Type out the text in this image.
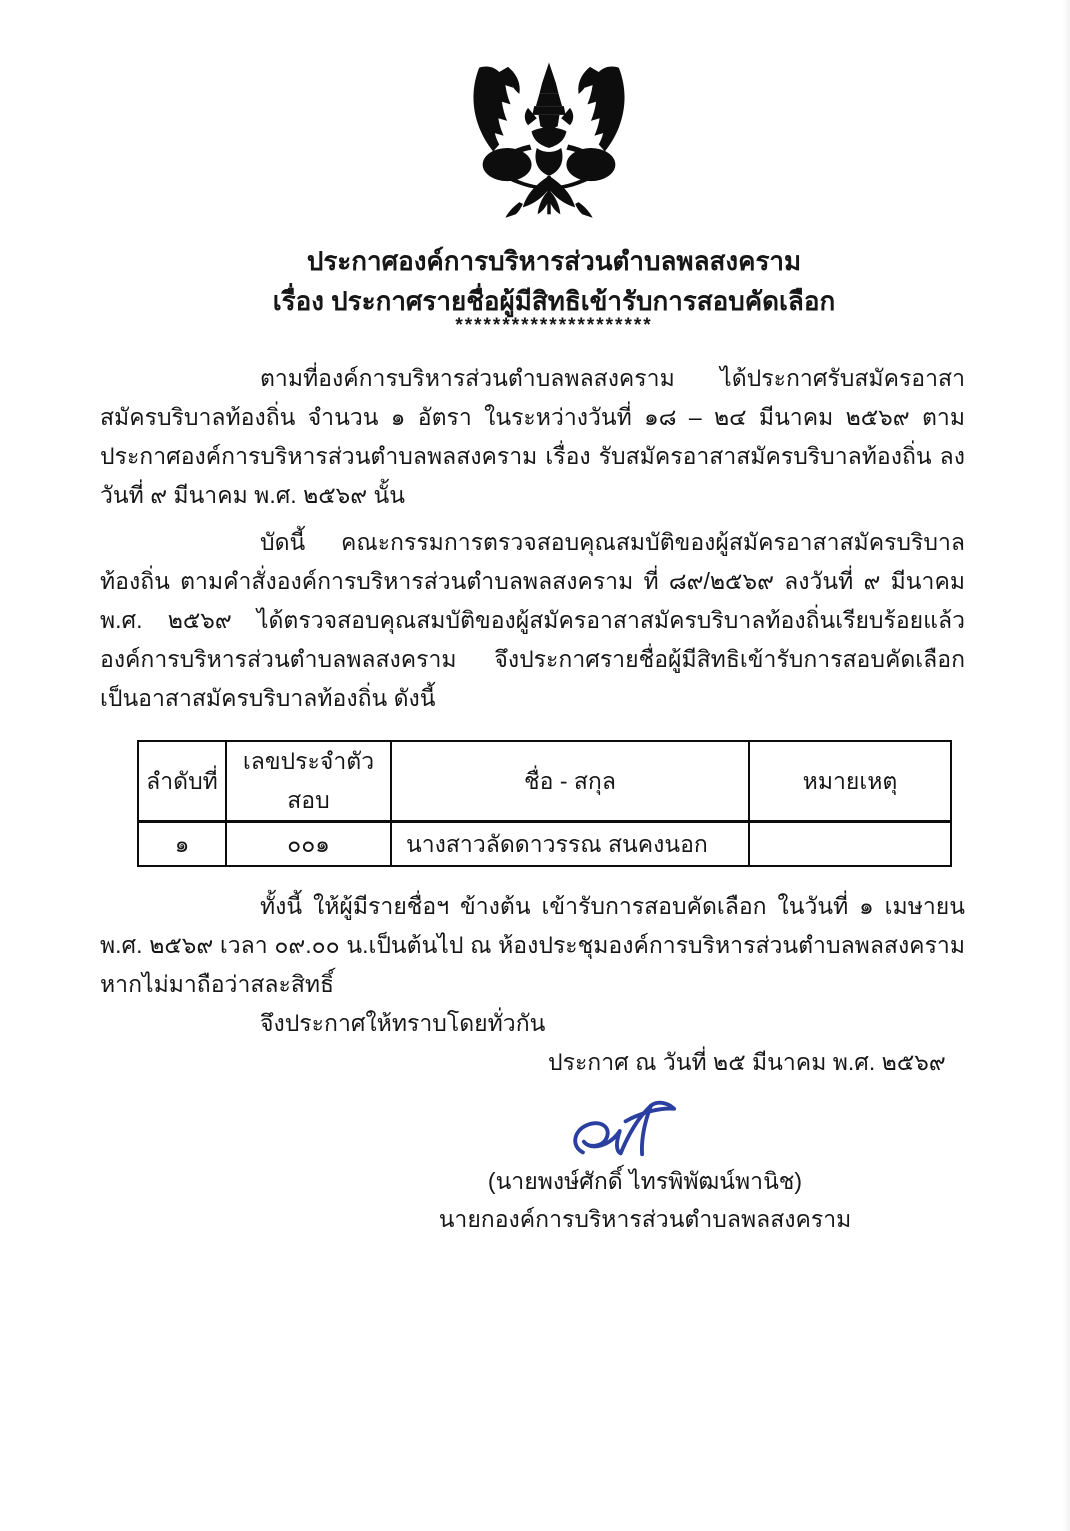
ประกาศองค์การบริหารส่วนตำบลพลสงคราม
เรื่อง ประกาศรายชื่อผู้มีสิทธิเข้ารับการสอบคัดเลือก
*********************

ตามที่องค์การบริหารส่วนตำบลพลสงคราม ได้ประกาศรับสมัครอาสาสมัครบริบาลท้องถิ่น จำนวน ๑ อัตรา ในระหว่างวันที่ ๑๘ – ๒๔ มีนาคม ๒๕๖๙ ตามประกาศองค์การบริหารส่วนตำบลพลสงคราม เรื่อง รับสมัครอาสาสมัครบริบาลท้องถิ่น ลงวันที่ ๙ มีนาคม พ.ศ. ๒๕๖๙ นั้น

บัดนี้ คณะกรรมการตรวจสอบคุณสมบัติของผู้สมัครอาสาสมัครบริบาลท้องถิ่น ตามคำสั่งองค์การบริหารส่วนตำบลพลสงคราม ที่ ๘๙/๒๕๖๙ ลงวันที่ ๙ มีนาคม พ.ศ. ๒๕๖๙ ได้ตรวจสอบคุณสมบัติของผู้สมัครอาสาสมัครบริบาลท้องถิ่นเรียบร้อยแล้ว องค์การบริหารส่วนตำบลพลสงคราม จึงประกาศรายชื่อผู้มีสิทธิเข้ารับการสอบคัดเลือกเป็นอาสาสมัครบริบาลท้องถิ่น ดังนี้

ลำดับที่	เลขประจำตัวสอบ	ชื่อ - สกุล	หมายเหตุ
๑	๐๐๑	นางสาวลัดดาวรรณ สนคงนอก	

ทั้งนี้ ให้ผู้มีรายชื่อฯ ข้างต้น เข้ารับการสอบคัดเลือก ในวันที่ ๑ เมษายน พ.ศ. ๒๕๖๙ เวลา ๐๙.๐๐ น.เป็นต้นไป ณ ห้องประชุมองค์การบริหารส่วนตำบลพลสงคราม หากไม่มาถือว่าสละสิทธิ์

จึงประกาศให้ทราบโดยทั่วกัน

ประกาศ ณ วันที่ ๒๕ มีนาคม พ.ศ. ๒๕๖๙

(นายพงษ์ศักดิ์ ไทรพิพัฒน์พานิช)
นายกองค์การบริหารส่วนตำบลพลสงคราม
